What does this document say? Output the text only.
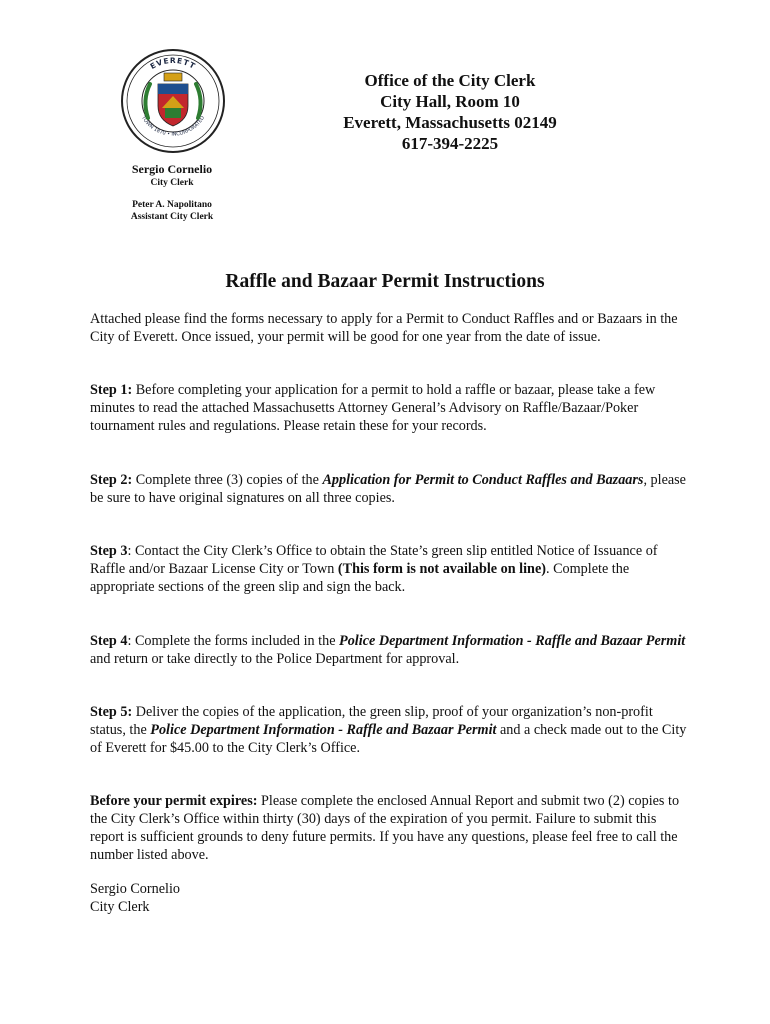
EVERETT
TOWN 1870 • INCORPORATED
Sergio Cornelio
City Clerk
Peter A. Napolitano
Assistant City Clerk
Office of the City Clerk
City Hall, Room 10
Everett, Massachusetts 02149
617-394-2225
Raffle and Bazaar Permit Instructions
Attached please find the forms necessary to apply for a Permit to Conduct Raffles and or Bazaars in the City of Everett. Once issued, your permit will be good for one year from the date of issue.
Step 1: Before completing your application for a permit to hold a raffle or bazaar, please take a few minutes to read the attached Massachusetts Attorney General’s Advisory on Raffle/Bazaar/Poker tournament rules and regulations. Please retain these for your records.
Step 2: Complete three (3) copies of the Application for Permit to Conduct Raffles and Bazaars, please be sure to have original signatures on all three copies.
Step 3: Contact the City Clerk’s Office to obtain the State’s green slip entitled Notice of Issuance of Raffle and/or Bazaar License City or Town (This form is not available on line). Complete the appropriate sections of the green slip and sign the back.
Step 4: Complete the forms included in the Police Department Information - Raffle and Bazaar Permit and return or take directly to the Police Department for approval.
Step 5: Deliver the copies of the application, the green slip, proof of your organization’s non-profit status, the Police Department Information - Raffle and Bazaar Permit and a check made out to the City of Everett for $45.00 to the City Clerk’s Office.
Before your permit expires: Please complete the enclosed Annual Report and submit two (2) copies to the City Clerk’s Office within thirty (30) days of the expiration of you permit. Failure to submit this report is sufficient grounds to deny future permits. If you have any questions, please feel free to call the number listed above.
Sergio Cornelio
City Clerk
